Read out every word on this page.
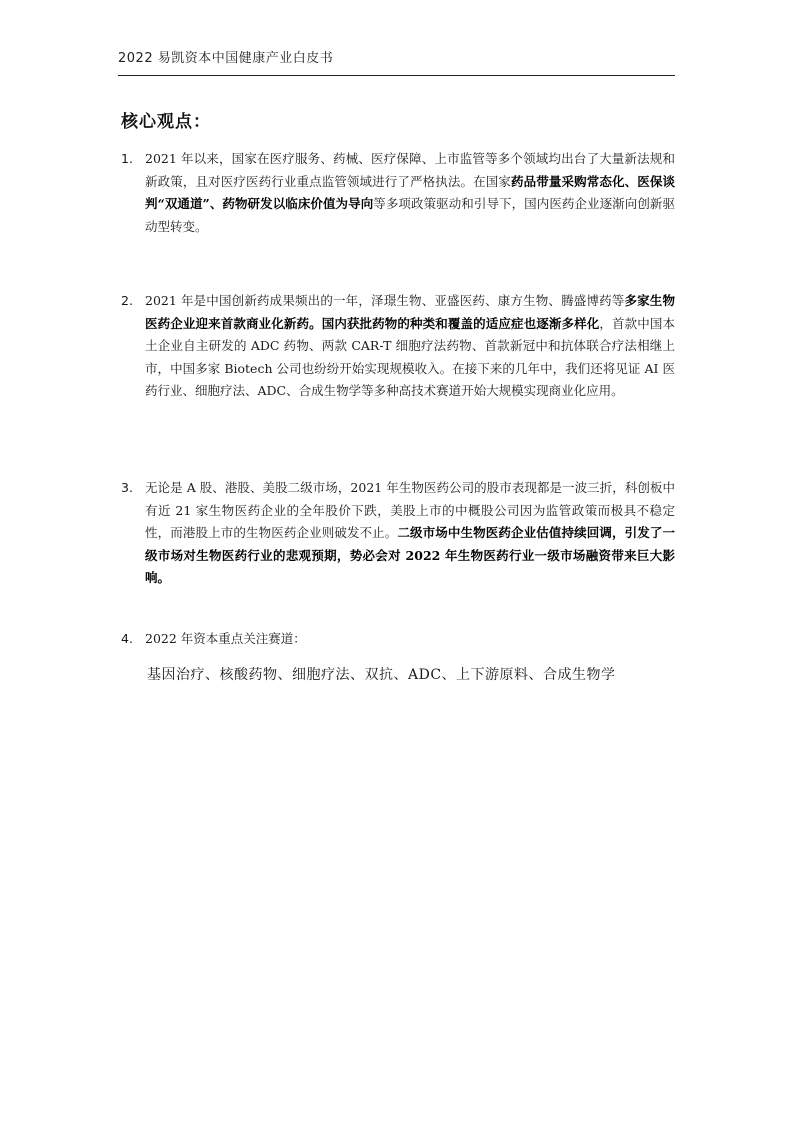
2022 易凯资本中国健康产业白皮书
核心观点：
1. 2021 年以来，国家在医疗服务、药械、医疗保障、上市监管等多个领域均出台了大量新法规和新政策，且对医疗医药行业重点监管领域进行了严格执法。在国家药品带量采购常态化、医保谈判“双通道”、药物研发以临床价值为导向等多项政策驱动和引导下，国内医药企业逐渐向创新驱动型转变。
2. 2021 年是中国创新药成果频出的一年，泽璟生物、亚盛医药、康方生物、腾盛博药等多家生物医药企业迎来首款商业化新药。国内获批药物的种类和覆盖的适应症也逐渐多样化，首款中国本土企业自主研发的 ADC 药物、两款 CAR-T 细胞疗法药物、首款新冠中和抗体联合疗法相继上市，中国多家 Biotech 公司也纷纷开始实现规模收入。在接下来的几年中，我们还将见证 AI 医药行业、细胞疗法、ADC、合成生物学等多种高技术赛道开始大规模实现商业化应用。
3. 无论是 A 股、港股、美股二级市场，2021 年生物医药公司的股市表现都是一波三折，科创板中有近 21 家生物医药企业的全年股价下跌，美股上市的中概股公司因为监管政策而极具不稳定性，而港股上市的生物医药企业则破发不止。二级市场中生物医药企业估值持续回调，引发了一级市场对生物医药行业的悲观预期，势必会对 2022 年生物医药行业一级市场融资带来巨大影响。
4. 2022 年资本重点关注赛道：
基因治疗、核酸药物、细胞疗法、双抗、ADC、上下游原料、合成生物学
